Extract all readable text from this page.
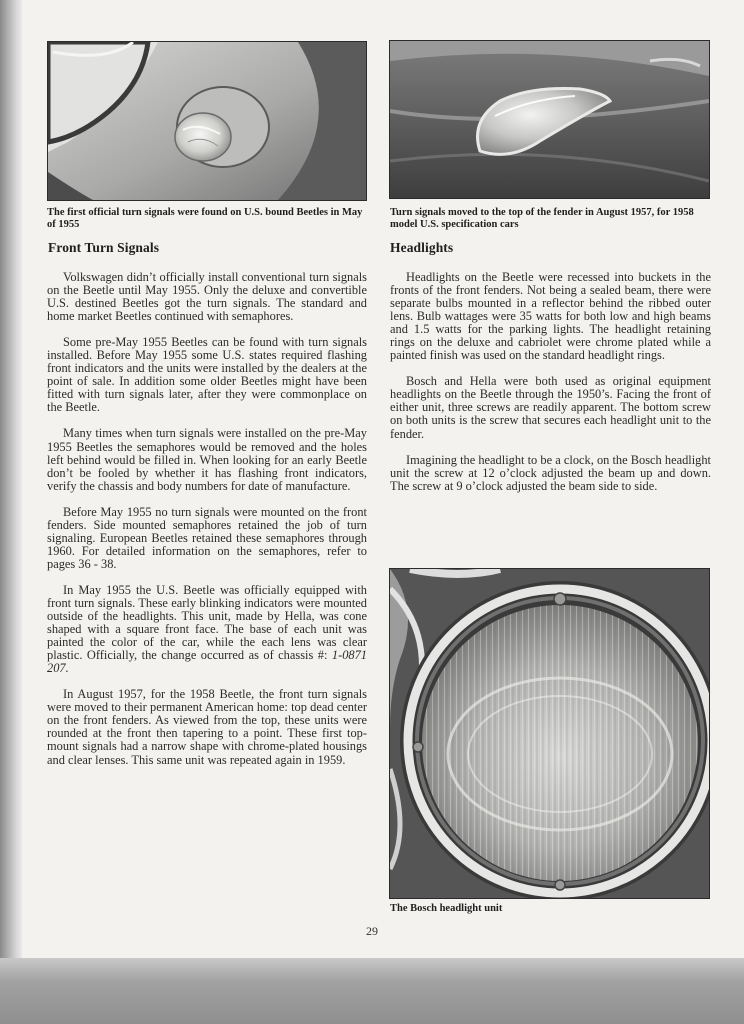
The first official turn signals were found on U.S. bound Beetles in May of 1955
Turn signals moved to the top of the fender in August 1957, for 1958 model U.S. specification cars
Front Turn Signals	Headlights

Volkswagen didn’t officially install conventional turn signals on the Beetle until May 1955. Only the deluxe and convertible U.S. destined Beetles got the turn signals. The standard and home market Beetles continued with semaphores.

Some pre-May 1955 Beetles can be found with turn signals installed. Before May 1955 some U.S. states required flashing front indicators and the units were installed by the dealers at the point of sale. In addition some older Beetles might have been fitted with turn signals later, after they were commonplace on the Beetle.

Many times when turn signals were installed on the pre-May 1955 Beetles the semaphores would be removed and the holes left behind would be filled in. When looking for an early Beetle don’t be fooled by whether it has flashing front indicators, verify the chassis and body numbers for date of manufacture.

Before May 1955 no turn signals were mounted on the front fenders. Side mounted semaphores retained the job of turn signaling. European Beetles retained these semaphores through 1960. For detailed information on the semaphores, refer to pages 36 - 38.

In May 1955 the U.S. Beetle was officially equipped with front turn signals. These early blinking indicators were mounted outside of the headlights. This unit, made by Hella, was cone shaped with a square front face. The base of each unit was painted the color of the car, while the each lens was clear plastic. Officially, the change occurred as of chassis #: 1-0871 207.

In August 1957, for the 1958 Beetle, the front turn signals were moved to their permanent American home: top dead center on the front fenders. As viewed from the top, these units were rounded at the front then tapering to a point. These first top-mount signals had a narrow shape with chrome-plated housings and clear lenses. This same unit was repeated again in 1959.

Headlights on the Beetle were recessed into buckets in the fronts of the front fenders. Not being a sealed beam, there were separate bulbs mounted in a reflector behind the ribbed outer lens. Bulb wattages were 35 watts for both low and high beams and 1.5 watts for the parking lights. The headlight retaining rings on the deluxe and cabriolet were chrome plated while a painted finish was used on the standard headlight rings.

Bosch and Hella were both used as original equipment headlights on the Beetle through the 1950’s. Facing the front of either unit, three screws are readily apparent. The bottom screw on both units is the screw that secures each headlight unit to the fender.

Imagining the headlight to be a clock, on the Bosch headlight unit the screw at 12 o’clock adjusted the beam up and down. The screw at 9 o’clock adjusted the beam side to side.

The Bosch headlight unit
29
